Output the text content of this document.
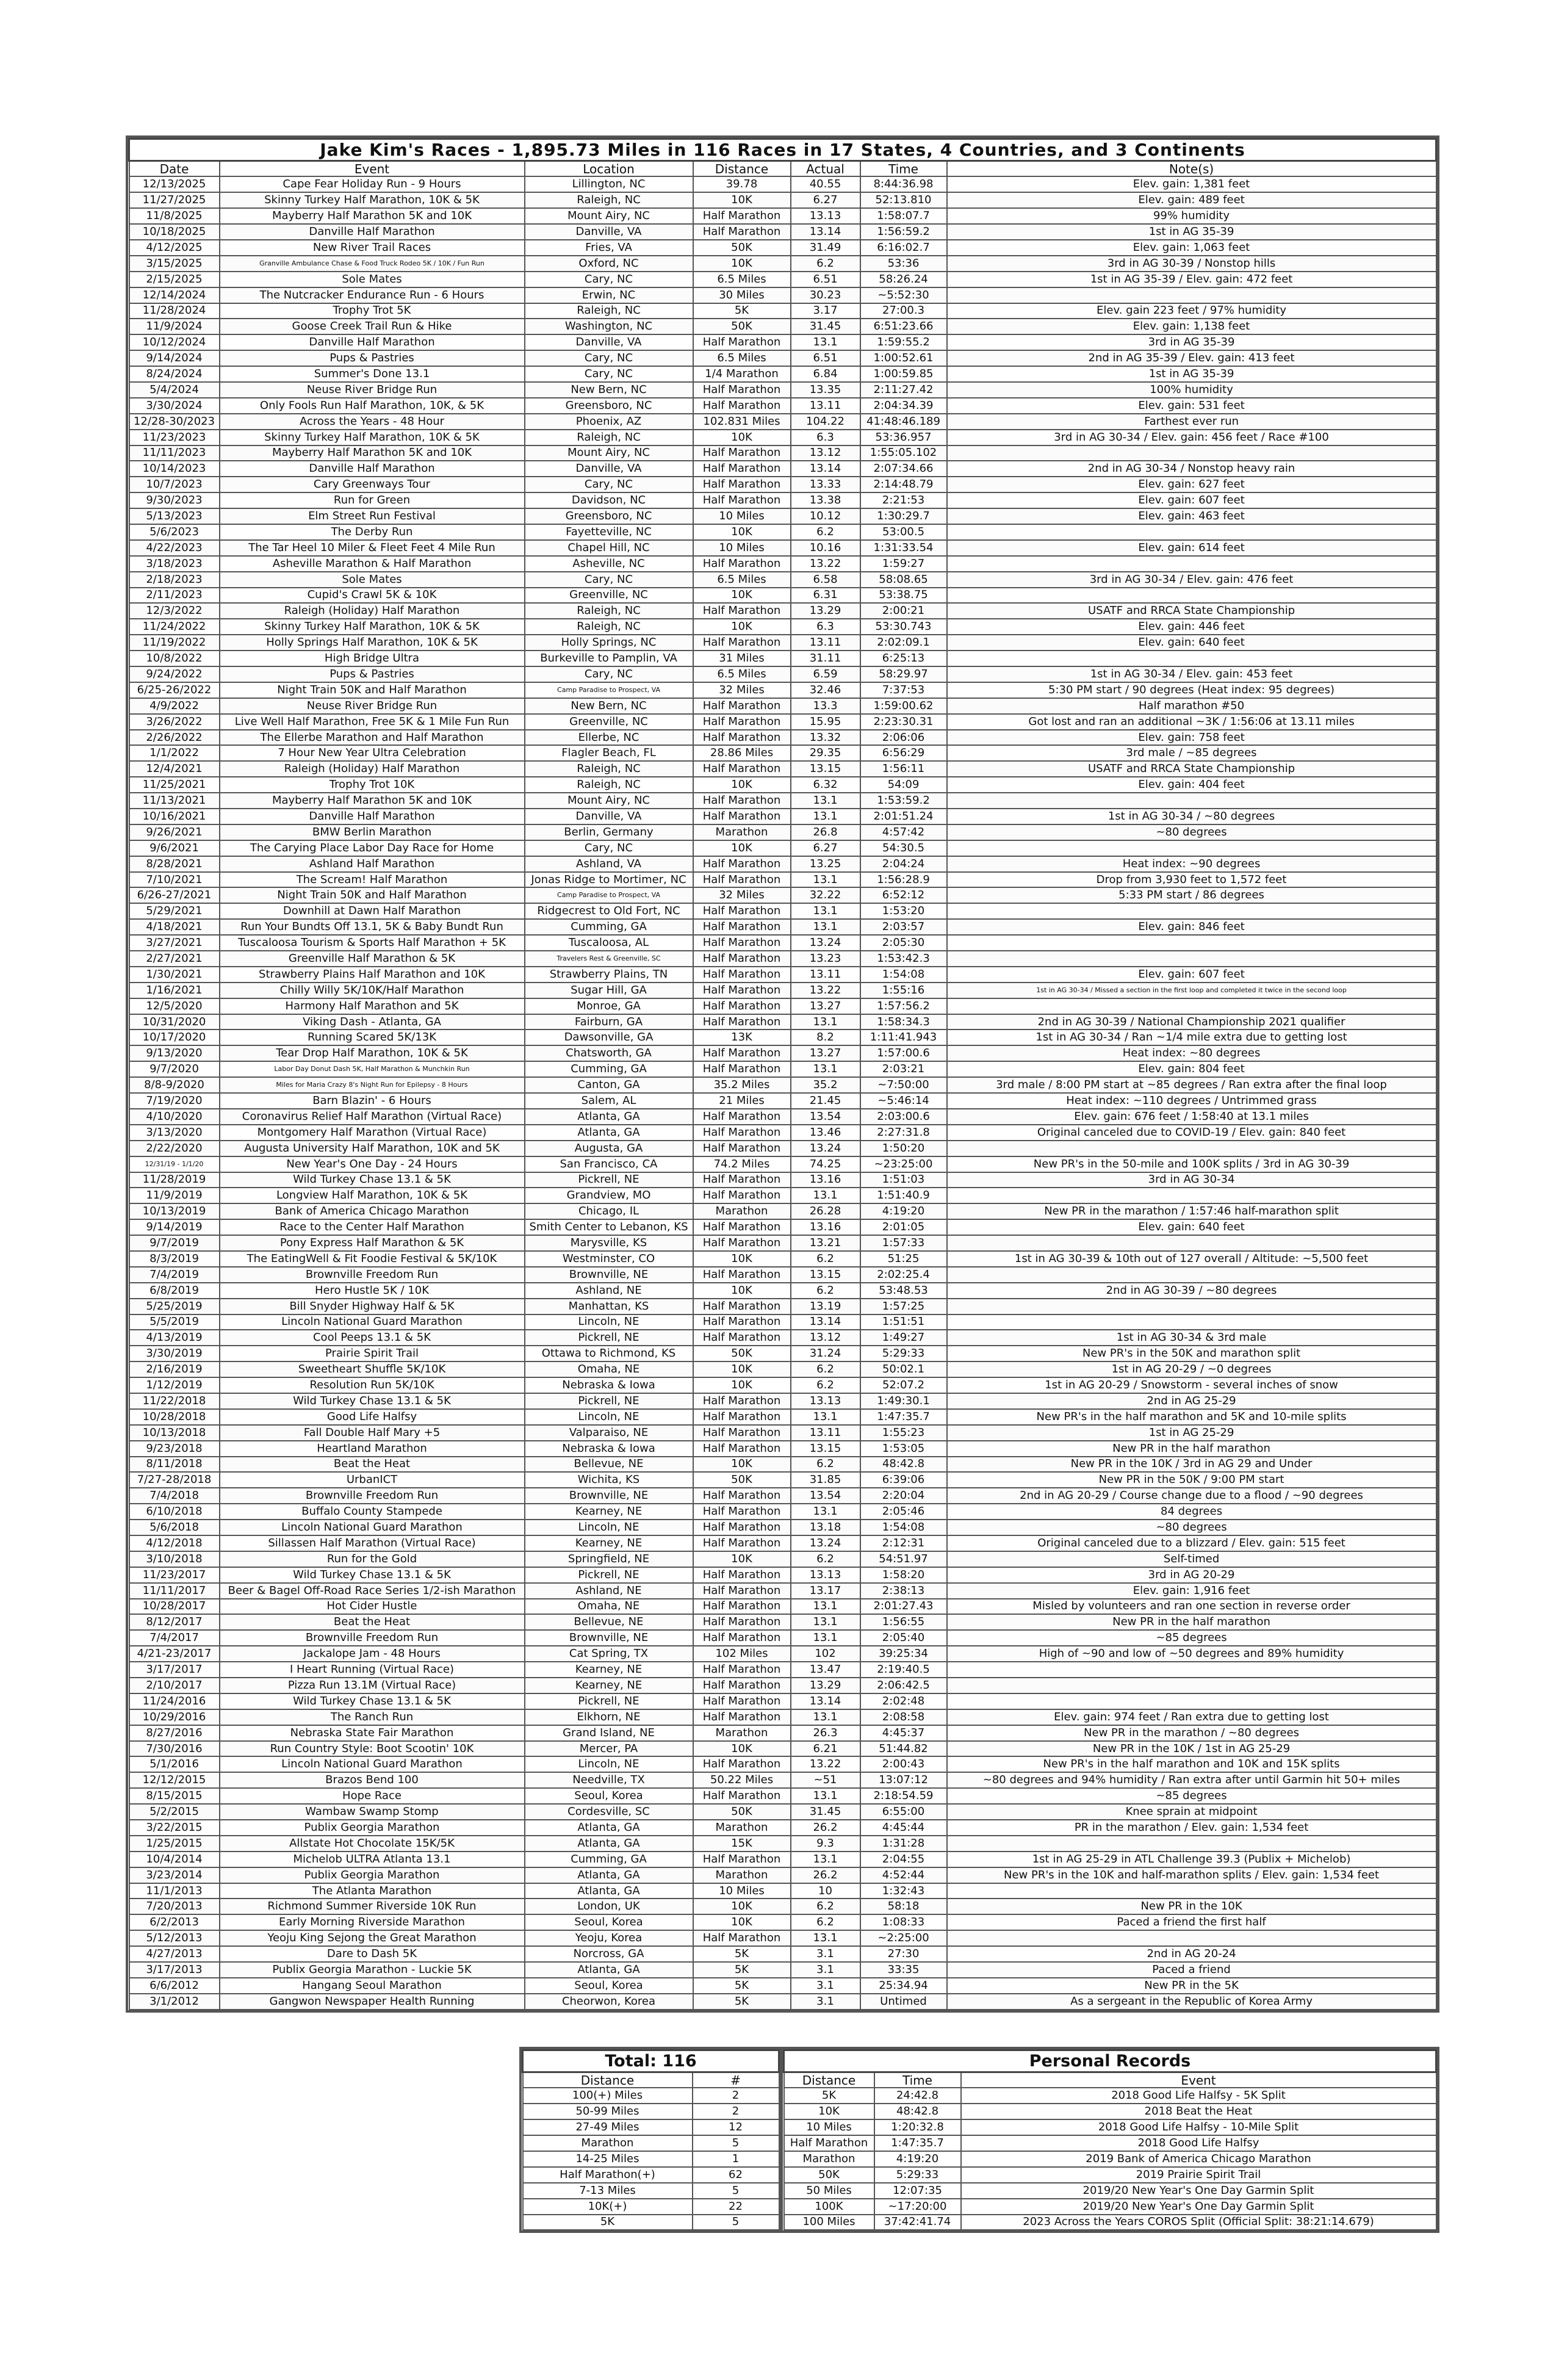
Jake Kim's Races - 1,895.73 Miles in 116 Races in 17 States, 4 Countries, and 3 Continents						
Date	Event	Location	Distance	Actual	Time	Note(s)
12/13/2025	Cape Fear Holiday Run - 9 Hours	Lillington, NC	39.78	40.55	8:44:36.98	Elev. gain: 1,381 feet
11/27/2025	Skinny Turkey Half Marathon, 10K & 5K	Raleigh, NC	10K	6.27	52:13.810	Elev. gain: 489 feet
11/8/2025	Mayberry Half Marathon 5K and 10K	Mount Airy, NC	Half Marathon	13.13	1:58:07.7	99% humidity
10/18/2025	Danville Half Marathon	Danville, VA	Half Marathon	13.14	1:56:59.2	1st in AG 35-39
4/12/2025	New River Trail Races	Fries, VA	50K	31.49	6:16:02.7	Elev. gain: 1,063 feet
3/15/2025	Granville Ambulance Chase & Food Truck Rodeo 5K / 10K / Fun Run	Oxford, NC	10K	6.2	53:36	3rd in AG 30-39 / Nonstop hills
2/15/2025	Sole Mates	Cary, NC	6.5 Miles	6.51	58:26.24	1st in AG 35-39 / Elev. gain: 472 feet
12/14/2024	The Nutcracker Endurance Run - 6 Hours	Erwin, NC	30 Miles	30.23	~5:52:30	
11/28/2024	Trophy Trot 5K	Raleigh, NC	5K	3.17	27:00.3	Elev. gain 223 feet / 97% humidity
11/9/2024	Goose Creek Trail Run & Hike	Washington, NC	50K	31.45	6:51:23.66	Elev. gain: 1,138 feet
10/12/2024	Danville Half Marathon	Danville, VA	Half Marathon	13.1	1:59:55.2	3rd in AG 35-39
9/14/2024	Pups & Pastries	Cary, NC	6.5 Miles	6.51	1:00:52.61	2nd in AG 35-39 / Elev. gain: 413 feet
8/24/2024	Summer's Done 13.1	Cary, NC	1/4 Marathon	6.84	1:00:59.85	1st in AG 35-39
5/4/2024	Neuse River Bridge Run	New Bern, NC	Half Marathon	13.35	2:11:27.42	100% humidity
3/30/2024	Only Fools Run Half Marathon, 10K, & 5K	Greensboro, NC	Half Marathon	13.11	2:04:34.39	Elev. gain: 531 feet
12/28-30/2023	Across the Years - 48 Hour	Phoenix, AZ	102.831 Miles	104.22	41:48:46.189	Farthest ever run
11/23/2023	Skinny Turkey Half Marathon, 10K & 5K	Raleigh, NC	10K	6.3	53:36.957	3rd in AG 30-34 / Elev. gain: 456 feet / Race #100
11/11/2023	Mayberry Half Marathon 5K and 10K	Mount Airy, NC	Half Marathon	13.12	1:55:05.102	
10/14/2023	Danville Half Marathon	Danville, VA	Half Marathon	13.14	2:07:34.66	2nd in AG 30-34 / Nonstop heavy rain
10/7/2023	Cary Greenways Tour	Cary, NC	Half Marathon	13.33	2:14:48.79	Elev. gain: 627 feet
9/30/2023	Run for Green	Davidson, NC	Half Marathon	13.38	2:21:53	Elev. gain: 607 feet
5/13/2023	Elm Street Run Festival	Greensboro, NC	10 Miles	10.12	1:30:29.7	Elev. gain: 463 feet
5/6/2023	The Derby Run	Fayetteville, NC	10K	6.2	53:00.5	
4/22/2023	The Tar Heel 10 Miler & Fleet Feet 4 Mile Run	Chapel Hill, NC	10 Miles	10.16	1:31:33.54	Elev. gain: 614 feet
3/18/2023	Asheville Marathon & Half Marathon	Asheville, NC	Half Marathon	13.22	1:59:27	
2/18/2023	Sole Mates	Cary, NC	6.5 Miles	6.58	58:08.65	3rd in AG 30-34 / Elev. gain: 476 feet
2/11/2023	Cupid's Crawl 5K & 10K	Greenville, NC	10K	6.31	53:38.75	
12/3/2022	Raleigh (Holiday) Half Marathon	Raleigh, NC	Half Marathon	13.29	2:00:21	USATF and RRCA State Championship
11/24/2022	Skinny Turkey Half Marathon, 10K & 5K	Raleigh, NC	10K	6.3	53:30.743	Elev. gain: 446 feet
11/19/2022	Holly Springs Half Marathon, 10K & 5K	Holly Springs, NC	Half Marathon	13.11	2:02:09.1	Elev. gain: 640 feet
10/8/2022	High Bridge Ultra	Burkeville to Pamplin, VA	31 Miles	31.11	6:25:13	
9/24/2022	Pups & Pastries	Cary, NC	6.5 Miles	6.59	58:29.97	1st in AG 30-34 / Elev. gain: 453 feet
6/25-26/2022	Night Train 50K and Half Marathon	Camp Paradise to Prospect, VA	32 Miles	32.46	7:37:53	5:30 PM start / 90 degrees (Heat index: 95 degrees)
4/9/2022	Neuse River Bridge Run	New Bern, NC	Half Marathon	13.3	1:59:00.62	Half marathon #50
3/26/2022	Live Well Half Marathon, Free 5K & 1 Mile Fun Run	Greenville, NC	Half Marathon	15.95	2:23:30.31	Got lost and ran an additional ~3K / 1:56:06 at 13.11 miles
2/26/2022	The Ellerbe Marathon and Half Marathon	Ellerbe, NC	Half Marathon	13.32	2:06:06	Elev. gain: 758 feet
1/1/2022	7 Hour New Year Ultra Celebration	Flagler Beach, FL	28.86 Miles	29.35	6:56:29	3rd male / ~85 degrees
12/4/2021	Raleigh (Holiday) Half Marathon	Raleigh, NC	Half Marathon	13.15	1:56:11	USATF and RRCA State Championship
11/25/2021	Trophy Trot 10K	Raleigh, NC	10K	6.32	54:09	Elev. gain: 404 feet
11/13/2021	Mayberry Half Marathon 5K and 10K	Mount Airy, NC	Half Marathon	13.1	1:53:59.2	
10/16/2021	Danville Half Marathon	Danville, VA	Half Marathon	13.1	2:01:51.24	1st in AG 30-34 / ~80 degrees
9/26/2021	BMW Berlin Marathon	Berlin, Germany	Marathon	26.8	4:57:42	~80 degrees
9/6/2021	The Carying Place Labor Day Race for Home	Cary, NC	10K	6.27	54:30.5	
8/28/2021	Ashland Half Marathon	Ashland, VA	Half Marathon	13.25	2:04:24	Heat index: ~90 degrees
7/10/2021	The Scream! Half Marathon	Jonas Ridge to Mortimer, NC	Half Marathon	13.1	1:56:28.9	Drop from 3,930 feet to 1,572 feet
6/26-27/2021	Night Train 50K and Half Marathon	Camp Paradise to Prospect, VA	32 Miles	32.22	6:52:12	5:33 PM start / 86 degrees
5/29/2021	Downhill at Dawn Half Marathon	Ridgecrest to Old Fort, NC	Half Marathon	13.1	1:53:20	
4/18/2021	Run Your Bundts Off 13.1, 5K & Baby Bundt Run	Cumming, GA	Half Marathon	13.1	2:03:57	Elev. gain: 846 feet
3/27/2021	Tuscaloosa Tourism & Sports Half Marathon + 5K	Tuscaloosa, AL	Half Marathon	13.24	2:05:30	
2/27/2021	Greenville Half Marathon & 5K	Travelers Rest & Greenville, SC	Half Marathon	13.23	1:53:42.3	
1/30/2021	Strawberry Plains Half Marathon and 10K	Strawberry Plains, TN	Half Marathon	13.11	1:54:08	Elev. gain: 607 feet
1/16/2021	Chilly Willy 5K/10K/Half Marathon	Sugar Hill, GA	Half Marathon	13.22	1:55:16	1st in AG 30-34 / Missed a section in the first loop and completed it twice in the second loop
12/5/2020	Harmony Half Marathon and 5K	Monroe, GA	Half Marathon	13.27	1:57:56.2	
10/31/2020	Viking Dash - Atlanta, GA	Fairburn, GA	Half Marathon	13.1	1:58:34.3	2nd in AG 30-39 / National Championship 2021 qualifier
10/17/2020	Running Scared 5K/13K	Dawsonville, GA	13K	8.2	1:11:41.943	1st in AG 30-34 / Ran ~1/4 mile extra due to getting lost
9/13/2020	Tear Drop Half Marathon, 10K & 5K	Chatsworth, GA	Half Marathon	13.27	1:57:00.6	Heat index: ~80 degrees
9/7/2020	Labor Day Donut Dash 5K, Half Marathon & Munchkin Run	Cumming, GA	Half Marathon	13.1	2:03:21	Elev. gain: 804 feet
8/8-9/2020	Miles for Maria Crazy 8's Night Run for Epilepsy - 8 Hours	Canton, GA	35.2 Miles	35.2	~7:50:00	3rd male / 8:00 PM start at ~85 degrees / Ran extra after the final loop
7/19/2020	Barn Blazin' - 6 Hours	Salem, AL	21 Miles	21.45	~5:46:14	Heat index: ~110 degrees / Untrimmed grass
4/10/2020	Coronavirus Relief Half Marathon (Virtual Race)	Atlanta, GA	Half Marathon	13.54	2:03:00.6	Elev. gain: 676 feet / 1:58:40 at 13.1 miles
3/13/2020	Montgomery Half Marathon (Virtual Race)	Atlanta, GA	Half Marathon	13.46	2:27:31.8	Original canceled due to COVID-19 / Elev. gain: 840 feet
2/22/2020	Augusta University Half Marathon, 10K and 5K	Augusta, GA	Half Marathon	13.24	1:50:20	
12/31/19 - 1/1/20	New Year's One Day - 24 Hours	San Francisco, CA	74.2 Miles	74.25	~23:25:00	New PR's in the 50-mile and 100K splits / 3rd in AG 30-39
11/28/2019	Wild Turkey Chase 13.1 & 5K	Pickrell, NE	Half Marathon	13.16	1:51:03	3rd in AG 30-34
11/9/2019	Longview Half Marathon, 10K & 5K	Grandview, MO	Half Marathon	13.1	1:51:40.9	
10/13/2019	Bank of America Chicago Marathon	Chicago, IL	Marathon	26.28	4:19:20	New PR in the marathon / 1:57:46 half-marathon split
9/14/2019	Race to the Center Half Marathon	Smith Center to Lebanon, KS	Half Marathon	13.16	2:01:05	Elev. gain: 640 feet
9/7/2019	Pony Express Half Marathon & 5K	Marysville, KS	Half Marathon	13.21	1:57:33	
8/3/2019	The EatingWell & Fit Foodie Festival & 5K/10K	Westminster, CO	10K	6.2	51:25	1st in AG 30-39 & 10th out of 127 overall / Altitude: ~5,500 feet
7/4/2019	Brownville Freedom Run	Brownville, NE	Half Marathon	13.15	2:02:25.4	
6/8/2019	Hero Hustle 5K / 10K	Ashland, NE	10K	6.2	53:48.53	2nd in AG 30-39 / ~80 degrees
5/25/2019	Bill Snyder Highway Half & 5K	Manhattan, KS	Half Marathon	13.19	1:57:25	
5/5/2019	Lincoln National Guard Marathon	Lincoln, NE	Half Marathon	13.14	1:51:51	
4/13/2019	Cool Peeps 13.1 & 5K	Pickrell, NE	Half Marathon	13.12	1:49:27	1st in AG 30-34 & 3rd male
3/30/2019	Prairie Spirit Trail	Ottawa to Richmond, KS	50K	31.24	5:29:33	New PR's in the 50K and marathon split
2/16/2019	Sweetheart Shuffle 5K/10K	Omaha, NE	10K	6.2	50:02.1	1st in AG 20-29 / ~0 degrees
1/12/2019	Resolution Run 5K/10K	Nebraska & Iowa	10K	6.2	52:07.2	1st in AG 20-29 / Snowstorm - several inches of snow
11/22/2018	Wild Turkey Chase 13.1 & 5K	Pickrell, NE	Half Marathon	13.13	1:49:30.1	2nd in AG 25-29
10/28/2018	Good Life Halfsy	Lincoln, NE	Half Marathon	13.1	1:47:35.7	New PR's in the half marathon and 5K and 10-mile splits
10/13/2018	Fall Double Half Mary +5	Valparaiso, NE	Half Marathon	13.11	1:55:23	1st in AG 25-29
9/23/2018	Heartland Marathon	Nebraska & Iowa	Half Marathon	13.15	1:53:05	New PR in the half marathon
8/11/2018	Beat the Heat	Bellevue, NE	10K	6.2	48:42.8	New PR in the 10K / 3rd in AG 29 and Under
7/27-28/2018	UrbanICT	Wichita, KS	50K	31.85	6:39:06	New PR in the 50K / 9:00 PM start
7/4/2018	Brownville Freedom Run	Brownville, NE	Half Marathon	13.54	2:20:04	2nd in AG 20-29 / Course change due to a flood / ~90 degrees
6/10/2018	Buffalo County Stampede	Kearney, NE	Half Marathon	13.1	2:05:46	84 degrees
5/6/2018	Lincoln National Guard Marathon	Lincoln, NE	Half Marathon	13.18	1:54:08	~80 degrees
4/12/2018	Sillassen Half Marathon (Virtual Race)	Kearney, NE	Half Marathon	13.24	2:12:31	Original canceled due to a blizzard / Elev. gain: 515 feet
3/10/2018	Run for the Gold	Springfield, NE	10K	6.2	54:51.97	Self-timed
11/23/2017	Wild Turkey Chase 13.1 & 5K	Pickrell, NE	Half Marathon	13.13	1:58:20	3rd in AG 20-29
11/11/2017	Beer & Bagel Off-Road Race Series 1/2-ish Marathon	Ashland, NE	Half Marathon	13.17	2:38:13	Elev. gain: 1,916 feet
10/28/2017	Hot Cider Hustle	Omaha, NE	Half Marathon	13.1	2:01:27.43	Misled by volunteers and ran one section in reverse order
8/12/2017	Beat the Heat	Bellevue, NE	Half Marathon	13.1	1:56:55	New PR in the half marathon
7/4/2017	Brownville Freedom Run	Brownville, NE	Half Marathon	13.1	2:05:40	~85 degrees
4/21-23/2017	Jackalope Jam - 48 Hours	Cat Spring, TX	102 Miles	102	39:25:34	High of ~90 and low of ~50 degrees and 89% humidity
3/17/2017	I Heart Running (Virtual Race)	Kearney, NE	Half Marathon	13.47	2:19:40.5	
2/10/2017	Pizza Run 13.1M (Virtual Race)	Kearney, NE	Half Marathon	13.29	2:06:42.5	
11/24/2016	Wild Turkey Chase 13.1 & 5K	Pickrell, NE	Half Marathon	13.14	2:02:48	
10/29/2016	The Ranch Run	Elkhorn, NE	Half Marathon	13.1	2:08:58	Elev. gain: 974 feet / Ran extra due to getting lost
8/27/2016	Nebraska State Fair Marathon	Grand Island, NE	Marathon	26.3	4:45:37	New PR in the marathon / ~80 degrees
7/30/2016	Run Country Style: Boot Scootin' 10K	Mercer, PA	10K	6.21	51:44.82	New PR in the 10K / 1st in AG 25-29
5/1/2016	Lincoln National Guard Marathon	Lincoln, NE	Half Marathon	13.22	2:00:43	New PR's in the half marathon and 10K and 15K splits
12/12/2015	Brazos Bend 100	Needville, TX	50.22 Miles	~51	13:07:12	~80 degrees and 94% humidity / Ran extra after until Garmin hit 50+ miles
8/15/2015	Hope Race	Seoul, Korea	Half Marathon	13.1	2:18:54.59	~85 degrees
5/2/2015	Wambaw Swamp Stomp	Cordesville, SC	50K	31.45	6:55:00	Knee sprain at midpoint
3/22/2015	Publix Georgia Marathon	Atlanta, GA	Marathon	26.2	4:45:44	PR in the marathon / Elev. gain: 1,534 feet
1/25/2015	Allstate Hot Chocolate 15K/5K	Atlanta, GA	15K	9.3	1:31:28	
10/4/2014	Michelob ULTRA Atlanta 13.1	Cumming, GA	Half Marathon	13.1	2:04:55	1st in AG 25-29 in ATL Challenge 39.3 (Publix + Michelob)
3/23/2014	Publix Georgia Marathon	Atlanta, GA	Marathon	26.2	4:52:44	New PR's in the 10K and half-marathon splits / Elev. gain: 1,534 feet
11/1/2013	The Atlanta Marathon	Atlanta, GA	10 Miles	10	1:32:43	
7/20/2013	Richmond Summer Riverside 10K Run	London, UK	10K	6.2	58:18	New PR in the 10K
6/2/2013	Early Morning Riverside Marathon	Seoul, Korea	10K	6.2	1:08:33	Paced a friend the first half
5/12/2013	Yeoju King Sejong the Great Marathon	Yeoju, Korea	Half Marathon	13.1	~2:25:00	
4/27/2013	Dare to Dash 5K	Norcross, GA	5K	3.1	27:30	2nd in AG 20-24
3/17/2013	Publix Georgia Marathon - Luckie 5K	Atlanta, GA	5K	3.1	33:35	Paced a friend
6/6/2012	Hangang Seoul Marathon	Seoul, Korea	5K	3.1	25:34.94	New PR in the 5K
3/1/2012	Gangwon Newspaper Health Running	Cheorwon, Korea	5K	3.1	Untimed	As a sergeant in the Republic of Korea Army
Total: 116	
Distance	#
100(+) Miles	2
50-99 Miles	2
27-49 Miles	12
Marathon	5
14-25 Miles	1
Half Marathon(+)	62
7-13 Miles	5
10K(+)	22
5K	5
Personal Records		
Distance	Time	Event
5K	24:42.8	2018 Good Life Halfsy - 5K Split
10K	48:42.8	2018 Beat the Heat
10 Miles	1:20:32.8	2018 Good Life Halfsy - 10-Mile Split
Half Marathon	1:47:35.7	2018 Good Life Halfsy
Marathon	4:19:20	2019 Bank of America Chicago Marathon
50K	5:29:33	2019 Prairie Spirit Trail
50 Miles	12:07:35	2019/20 New Year's One Day Garmin Split
100K	~17:20:00	2019/20 New Year's One Day Garmin Split
100 Miles	37:42:41.74	2023 Across the Years COROS Split (Official Split: 38:21:14.679)
